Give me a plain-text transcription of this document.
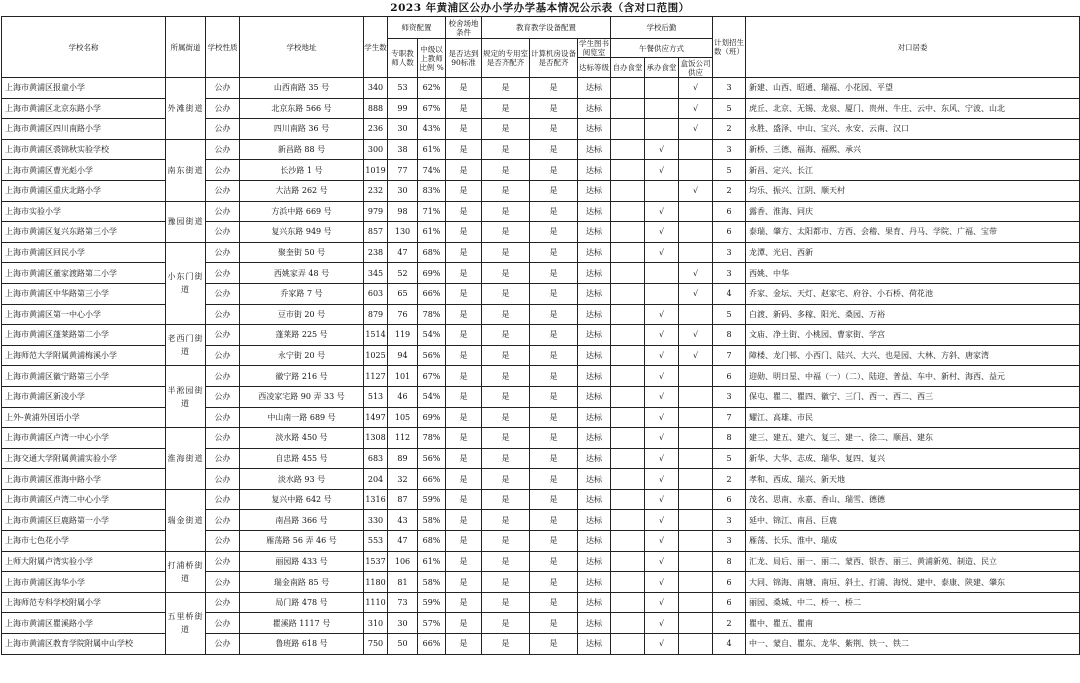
2023 年黄浦区公办小学办学基本情况公示表（含对口范围）
学校名称	所属街道	学校性质	学校地址	学生数	师资配置		校舍场地条件	教育教学设备配置			学校后勤			计划招生数（班）	对口居委
					专职教师人数	中级以上教师比例 %	是否达到90标准	规定的专用室是否齐配齐	计算机房设备是否配齐	学生图书阅览室	午餐供应方式				
										达标等级	自办食堂	承办食堂	盒饭公司供应		
上海市黄浦区报童小学	外滩街道	公办	山西南路 35 号	340	53	62%	是	是	是	达标			√	3	新建、山西、昭通、瑞福、小花园、平望
上海市黄浦区北京东路小学		公办	北京东路 566 号	888	99	67%	是	是	是	达标			√	5	虎丘、北京、无锡、龙泉、厦门、贵州、牛庄、云中、东风、宁波、山北
上海市黄浦区四川南路小学		公办	四川南路 36 号	236	30	43%	是	是	是	达标			√	2	永胜、盛泽、中山、宝兴、永安、云南、汉口
上海市黄浦区裘锦秋实验学校	南东街道	公办	新昌路 88 号	300	38	61%	是	是	是	达标		√		3	新桥、三德、福海、福熙、承兴
上海市黄浦区曹光彪小学		公办	长沙路 1 号	1019	77	74%	是	是	是	达标		√		5	新昌、定兴、长江
上海市黄浦区重庆北路小学		公办	大沽路 262 号	232	30	83%	是	是	是	达标			√	2	均乐、振兴、江阴、顺天村
上海市实验小学	豫园街道	公办	方浜中路 669 号	979	98	71%	是	是	是	达标		√		6	露香、淮海、同庆
上海市黄浦区复兴东路第三小学		公办	复兴东路 949 号	857	130	61%	是	是	是	达标		√		6	泰瑞、肇方、太阳都市、方西、会稽、果育、丹马、学院、广福、宝带
上海市黄浦区回民小学	小东门街道	公办	聚奎街 50 号	238	47	68%	是	是	是	达标		√		3	龙潭、光启、西新
上海市黄浦区董家渡路第二小学		公办	西姚家弄 48 号	345	52	69%	是	是	是	达标			√	3	西姚、中华
上海市黄浦区中华路第三小学		公办	乔家路 7 号	603	65	66%	是	是	是	达标			√	4	乔家、金坛、天灯、赵家宅、府谷、小石桥、荷花池
上海市黄浦区第一中心小学		公办	豆市街 20 号	879	76	78%	是	是	是	达标		√		5	白渡、新码、多稼、阳光、桑园、万裕
上海市黄浦区蓬莱路第二小学	老西门街道	公办	蓬莱路 225 号	1514	119	54%	是	是	是	达标		√	√	8	文庙、净土街、小桃园、曹家街、学宫
上海师范大学附属黄浦梅溪小学		公办	永宁街 20 号	1025	94	56%	是	是	是	达标		√	√	7	障楼、龙门邨、小西门、陆兴、大兴、也是园、大林、方斜、唐家湾
上海市黄浦区徽宁路第三小学	半淞园街道	公办	徽宁路 216 号	1127	101	67%	是	是	是	达标		√		6	迎勋、明日星、中福（一）（二）、陆迎、普益、车中、新村、海西、益元
上海市黄浦区新凌小学		公办	西凌家宅路 90 弄 33 号	513	46	54%	是	是	是	达标		√		3	保屯、瞿二、瞿四、徽宁、三门、西一、西二、西三
上外-黄浦外国语小学		公办	中山南一路 689 号	1497	105	69%	是	是	是	达标		√		7	耀江、高雄、市民
上海市黄浦区卢湾一中心小学	淮海街道	公办	淡水路 450 号	1308	112	78%	是	是	是	达标		√		8	建三、建五、建六、复三、建一、徐二、顺昌、建东
上海交通大学附属黄浦实验小学		公办	自忠路 455 号	683	89	56%	是	是	是	达标		√		5	新华、大华、志成、瑞华、复四、复兴
上海市黄浦区淮海中路小学		公办	淡水路 93 号	204	32	66%	是	是	是	达标		√		2	孝和、西成、瑞兴、新天地
上海市黄浦区卢湾二中心小学	瑞金街道	公办	复兴中路 642 号	1316	87	59%	是	是	是	达标		√		6	茂名、思南、永嘉、香山、瑞雪、德德
上海市黄浦区巨鹿路第一小学		公办	南昌路 366 号	330	43	58%	是	是	是	达标		√		3	延中、锦江、南昌、巨鹿
上海市七色花小学		公办	雁荡路 56 弄 46 号	553	47	68%	是	是	是	达标		√		3	雁荡、长乐、淮中、瑞成
上师大附属卢湾实验小学	打浦桥街道	公办	丽园路 433 号	1537	106	61%	是	是	是	达标		√		8	汇龙、局后、丽一、丽二、蒙西、银杏、丽三、黄浦新苑、制造、民立
上海市黄浦区海华小学		公办	瑞金南路 85 号	1180	81	58%	是	是	是	达标		√		6	大同、锦海、南塘、南垣、斜土、打浦、海悦、建中、泰康、陕建、肇东
上海师范专科学校附属小学	五里桥街道	公办	局门路 478 号	1110	73	59%	是	是	是	达标		√		6	丽园、桑城、中二、桥一、桥二
上海市黄浦区瞿溪路小学		公办	瞿溪路 1117 号	310	30	57%	是	是	是	达标		√		2	瞿中、瞿五、瞿南
上海市黄浦区教育学院附属中山学校		公办	鲁班路 618 号	750	50	66%	是	是	是	达标		√		4	中一、蒙自、瞿东、龙华、紫荆、铁一、铁二
